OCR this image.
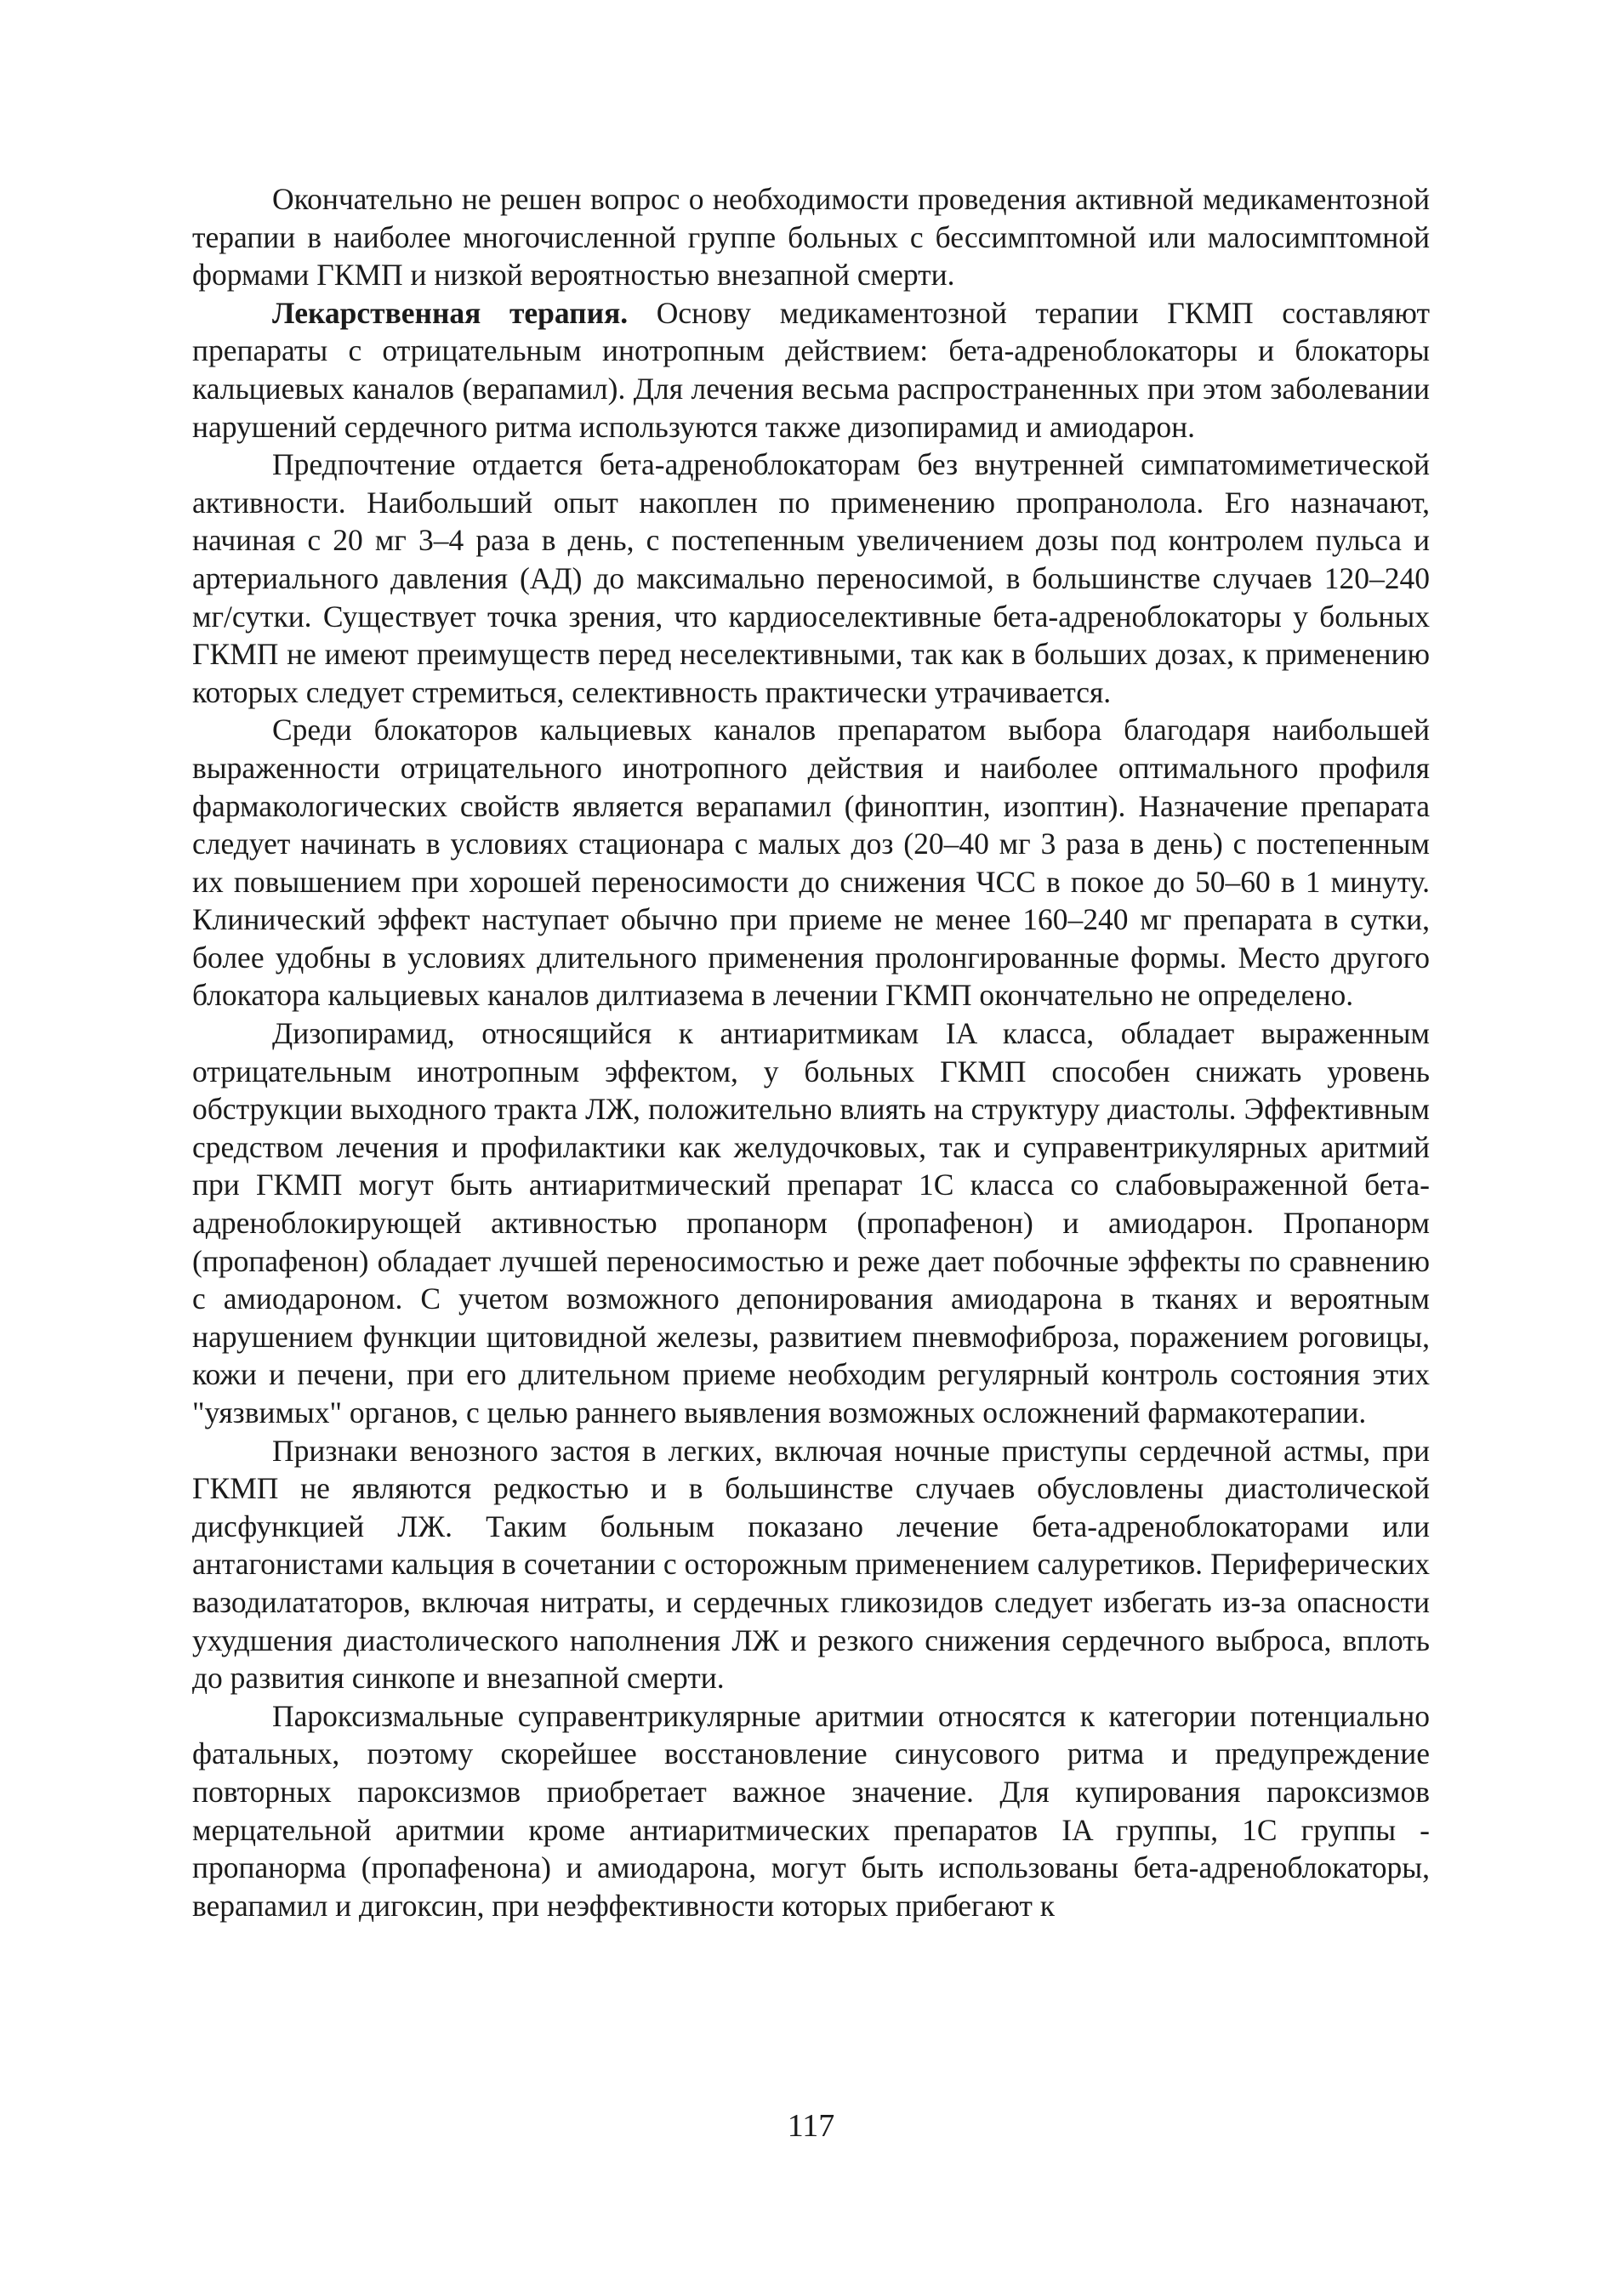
Окончательно не решен вопрос о необходимости проведения активной медикаментозной терапии в наиболее многочисленной группе больных с бессимптомной или малосимптомной формами ГКМП и низкой вероятностью внезапной смерти.

Лекарственная терапия. Основу медикаментозной терапии ГКМП составляют препараты с отрицательным инотропным действием: бета-адреноблокаторы и блокаторы кальциевых каналов (верапамил). Для лечения весьма распространенных при этом заболевании нарушений сердечного ритма используются также дизопирамид и амиодарон.

Предпочтение отдается бета-адреноблокаторам без внутренней симпатомиметической активности. Наибольший опыт накоплен по применению пропранолола. Его назначают, начиная с 20 мг 3–4 раза в день, с постепенным увеличением дозы под контролем пульса и артериального давления (АД) до максимально переносимой, в большинстве случаев 120–240 мг/сутки. Существует точка зрения, что кардиоселективные бета-адреноблокаторы у больных ГКМП не имеют преимуществ перед неселективными, так как в больших дозах, к применению которых следует стремиться, селективность практически утрачивается.

Среди блокаторов кальциевых каналов препаратом выбора благодаря наибольшей выраженности отрицательного инотропного действия и наиболее оптимального профиля фармакологических свойств является верапамил (финоптин, изоптин). Назначение препарата следует начинать в условиях стационара с малых доз (20–40 мг 3 раза в день) с постепенным их повышением при хорошей переносимости до снижения ЧСС в покое до 50–60 в 1 минуту. Клинический эффект наступает обычно при приеме не менее 160–240 мг препарата в сутки, более удобны в условиях длительного применения пролонгированные формы. Место другого блокатора кальциевых каналов дилтиазема в лечении ГКМП окончательно не определено.

Дизопирамид, относящийся к антиаритмикам IA класса, обладает выраженным отрицательным инотропным эффектом, у больных ГКМП способен снижать уровень обструкции выходного тракта ЛЖ, положительно влиять на структуру диастолы. Эффективным средством лечения и профилактики как желудочковых, так и суправентрикулярных аритмий при ГКМП могут быть антиаритмический препарат 1С класса со слабовыраженной бета-адреноблокирующей активностью пропанорм (пропафенон) и амиодарон. Пропанорм (пропафенон) обладает лучшей переносимостью и реже дает побочные эффекты по сравнению с амиодароном. С учетом возможного депонирования амиодарона в тканях и вероятным нарушением функции щитовидной железы, развитием пневмофиброза, поражением роговицы, кожи и печени, при его длительном приеме необходим регулярный контроль состояния этих "уязвимых" органов, с целью раннего выявления возможных осложнений фармакотерапии.

Признаки венозного застоя в легких, включая ночные приступы сердечной астмы, при ГКМП не являются редкостью и в большинстве случаев обусловлены диастолической дисфункцией ЛЖ. Таким больным показано лечение бета-адреноблокаторами или антагонистами кальция в сочетании с осторожным применением салуретиков. Периферических вазодилататоров, включая нитраты, и сердечных гликозидов следует избегать из-за опасности ухудшения диастолического наполнения ЛЖ и резкого снижения сердечного выброса, вплоть до развития синкопе и внезапной смерти.

Пароксизмальные суправентрикулярные аритмии относятся к категории потенциально фатальных, поэтому скорейшее восстановление синусового ритма и предупреждение повторных пароксизмов приобретает важное значение. Для купирования пароксизмов мерцательной аритмии кроме антиаритмических препаратов IA группы, 1С группы - пропанорма (пропафенона) и амиодарона, могут быть использованы бета-адреноблокаторы, верапамил и дигоксин, при неэффективности которых прибегают к

117
